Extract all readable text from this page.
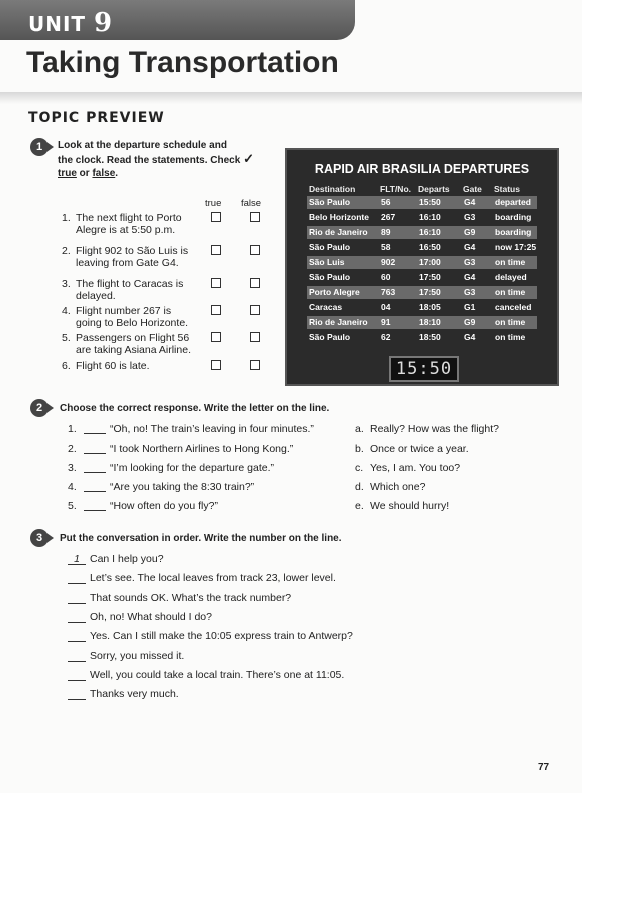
UNIT 9
Taking Transportation
TOPIC PREVIEW
1	Look at the departure schedule and
the clock. Read the statements. Check ✓
true or false.
true false
1. The next flight to Porto
Alegre is at 5:50 p.m.
2. Flight 902 to São Luis is
leaving from Gate G4.
3. The flight to Caracas is
delayed.
4. Flight number 267 is
going to Belo Horizonte.
5. Passengers on Flight 56
are taking Asiana Airline.
6. Flight 60 is late.
RAPID AIR BRASILIA DEPARTURES
Destination	FLT/No. Departs Gate Status
São Paulo	56	15:50	G4 departed
Belo Horizonte 267	16:10	G3 boarding
Rio de Janeiro 89	16:10	G9 boarding
São Paulo	58	16:50	G4 now 17:25
São Luis	902	17:00	G3 on time
São Paulo	60	17:50	G4 delayed
Porto Alegre	763	17:50	G3 on time
Caracas	04	18:05	G1 canceled
Rio de Janeiro 91	18:10	G9 on time
São Paulo	62	18:50	G4 on time
15:50
2	Choose the correct response. Write the letter on the line.
1.	“Oh, no! The train’s leaving in four minutes.”
2.	“I took Northern Airlines to Hong Kong.”
3.	“I’m looking for the departure gate.”
4.	“Are you taking the 8:30 train?”
5.	“How often do you fly?”
a. Really? How was the flight?
b. Once or twice a year.
c. Yes, I am. You too?
d. Which one?
e. We should hurry!
3	Put the conversation in order. Write the number on the line.
1 Can I help you?
Let’s see. The local leaves from track 23, lower level.
That sounds OK. What’s the track number?
Oh, no! What should I do?
Yes. Can I still make the 10:05 express train to Antwerp?
Sorry, you missed it.
Well, you could take a local train. There’s one at 11:05.
Thanks very much.
77
